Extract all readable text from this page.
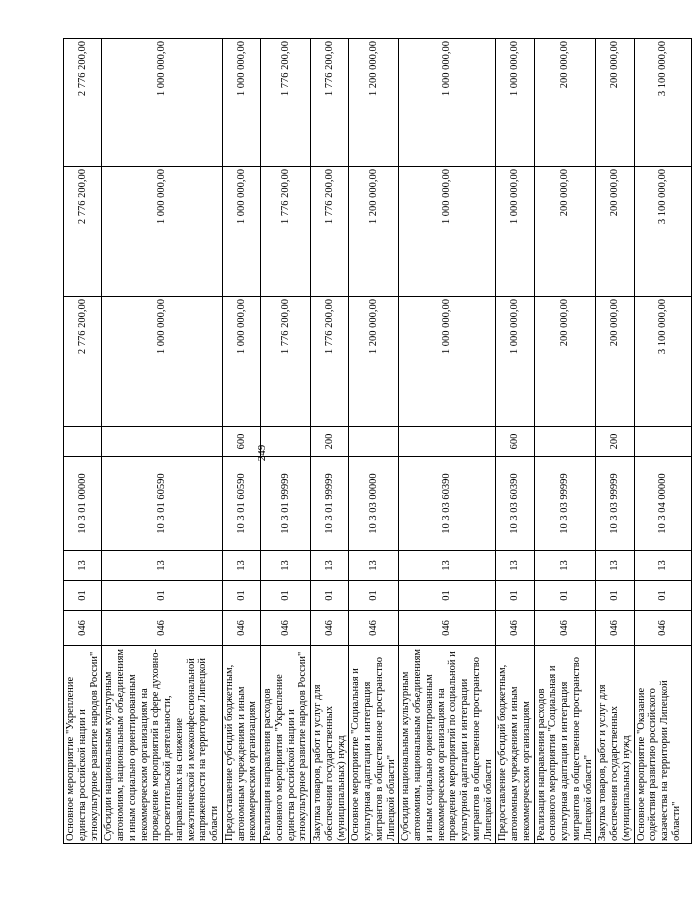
249
Основное мероприятие "Укрепление единства российской нации и этнокультурное развитие народов России"	046	01	13	10 3 01 00000		2 776 200,00	2 776 200,00	2 776 200,00
Субсидии национальным культурным автономиям, национальным объединениям и иным социально ориентированным некоммерческим организациям на проведение мероприятий в сфере духовно-просветительской деятельности, направленных на снижение межэтнической и межконфессиональной напряженности на территории Липецкой области	046	01	13	10 3 01 60590		1 000 000,00	1 000 000,00	1 000 000,00
Предоставление субсидий бюджетным, автономным учреждениям и иным некоммерческим организациям	046	01	13	10 3 01 60590	600	1 000 000,00	1 000 000,00	1 000 000,00
Реализация направления расходов основного мероприятия "Укрепление единства российской нации и этнокультурное развитие народов России"	046	01	13	10 3 01 99999		1 776 200,00	1 776 200,00	1 776 200,00
Закупка товаров, работ и услуг для обеспечения государственных (муниципальных) нужд	046	01	13	10 3 01 99999	200	1 776 200,00	1 776 200,00	1 776 200,00
Основное мероприятие "Социальная и культурная адаптация и интеграция мигрантов в общественное пространство Липецкой области"	046	01	13	10 3 03 00000		1 200 000,00	1 200 000,00	1 200 000,00
Субсидии национальным культурным автономиям, национальным объединениям и иным социально ориентированным некоммерческим организациям на проведение мероприятий по социальной и культурной адаптации и интеграции мигрантов в общественное пространство Липецкой области	046	01	13	10 3 03 60390		1 000 000,00	1 000 000,00	1 000 000,00
Предоставление субсидий бюджетным, автономным учреждениям и иным некоммерческим организациям	046	01	13	10 3 03 60390	600	1 000 000,00	1 000 000,00	1 000 000,00
Реализация направления расходов основного мероприятия "Социальная и культурная адаптация и интеграция мигрантов в общественное пространство Липецкой области"	046	01	13	10 3 03 99999		200 000,00	200 000,00	200 000,00
Закупка товаров, работ и услуг для обеспечения государственных (муниципальных) нужд	046	01	13	10 3 03 99999	200	200 000,00	200 000,00	200 000,00
Основное мероприятие "Оказание содействия развитию российского казачества на территории Липецкой области"	046	01	13	10 3 04 00000		3 100 000,00	3 100 000,00	3 100 000,00
